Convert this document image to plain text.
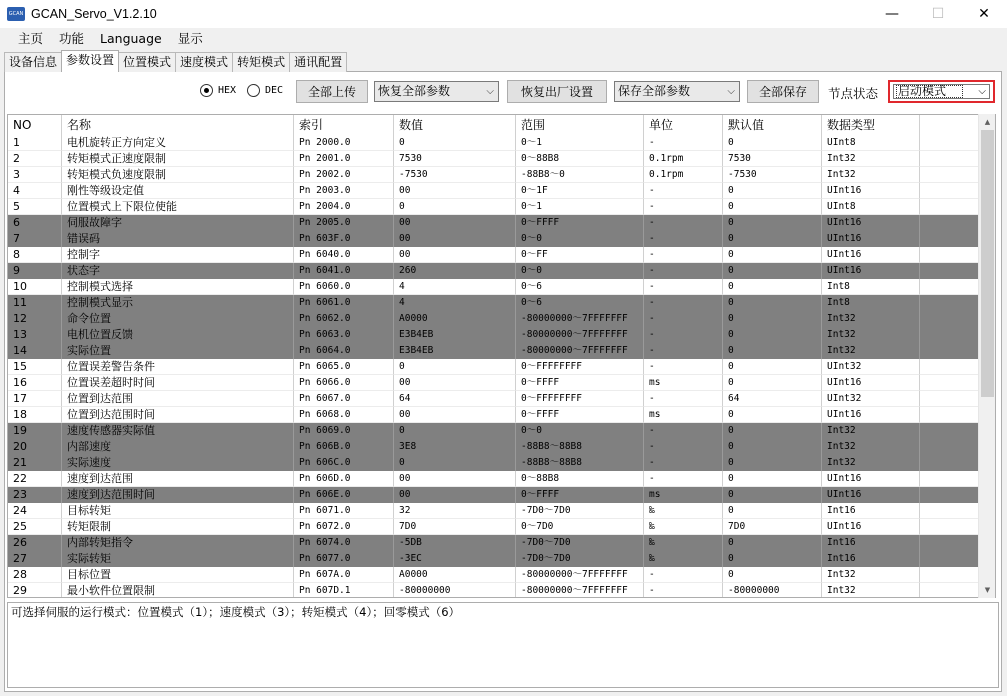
GCAN GCAN_Servo_V1.2.10	—	☐	✕
主页	功能	Language	显示
设备信息 参数设置 位置模式 速度模式 转矩模式 通讯配置
HEX	DEC	全部上传	恢复全部参数	⌵	恢复出厂设置	保存全部参数	⌵	全部保存	节点状态	启动模式	⌵
NO	名称	索引	数值	范围	单位	默认值	数据类型
1	电机旋转正方向定义	Pn 2000.0	0	0～1	-	0	UInt8
2	转矩模式正速度限制	Pn 2001.0	7530	0～88B8	0.1rpm	7530	Int32
3	转矩模式负速度限制	Pn 2002.0	-7530	-88B8～0	0.1rpm	-7530	Int32
4	刚性等级设定值	Pn 2003.0	00	0～1F	-	0	UInt16
5	位置模式上下限位使能	Pn 2004.0	0	0～1	-	0	UInt8
6	伺服故障字	Pn 2005.0	00	0～FFFF	-	0	UInt16
7	错误码	Pn 603F.0	00	0～0	-	0	UInt16
8	控制字	Pn 6040.0	00	0～FF	-	0	UInt16
9	状态字	Pn 6041.0	260	0～0	-	0	UInt16
10	控制模式选择	Pn 6060.0	4	0～6	-	0	Int8
11	控制模式显示	Pn 6061.0	4	0～6	-	0	Int8
12	命令位置	Pn 6062.0	A0000	-80000000～7FFFFFFF	-	0	Int32
13	电机位置反馈	Pn 6063.0	E3B4EB	-80000000～7FFFFFFF	-	0	Int32
14	实际位置	Pn 6064.0	E3B4EB	-80000000～7FFFFFFF	-	0	Int32
15	位置误差警告条件	Pn 6065.0	0	0～FFFFFFFF	-	0	UInt32
16	位置误差超时时间	Pn 6066.0	00	0～FFFF	ms	0	UInt16
17	位置到达范围	Pn 6067.0	64	0～FFFFFFFF	-	64	UInt32
18	位置到达范围时间	Pn 6068.0	00	0～FFFF	ms	0	UInt16
19	速度传感器实际值	Pn 6069.0	0	0～0	-	0	Int32
20	内部速度	Pn 606B.0	3E8	-88B8～88B8	-	0	Int32
21	实际速度	Pn 606C.0	0	-88B8～88B8	-	0	Int32
22	速度到达范围	Pn 606D.0	00	0～88B8	-	0	UInt16
23	速度到达范围时间	Pn 606E.0	00	0～FFFF	ms	0	UInt16
24	目标转矩	Pn 6071.0	32	-7D0～7D0	‰	0	Int16
25	转矩限制	Pn 6072.0	7D0	0～7D0	‰	7D0	UInt16
26	内部转矩指令	Pn 6074.0	-5DB	-7D0～7D0	‰	0	Int16
27	实际转矩	Pn 6077.0	-3EC	-7D0～7D0	‰	0	Int16
28	目标位置	Pn 607A.0	A0000	-80000000～7FFFFFFF	-	0	Int32
29	最小软件位置限制	Pn 607D.1	-80000000	-80000000～7FFFFFFF	-	-80000000	Int32
▲
▼
可选择伺服的运行模式：位置模式（1）；速度模式（3）；转矩模式（4）；回零模式（6）
